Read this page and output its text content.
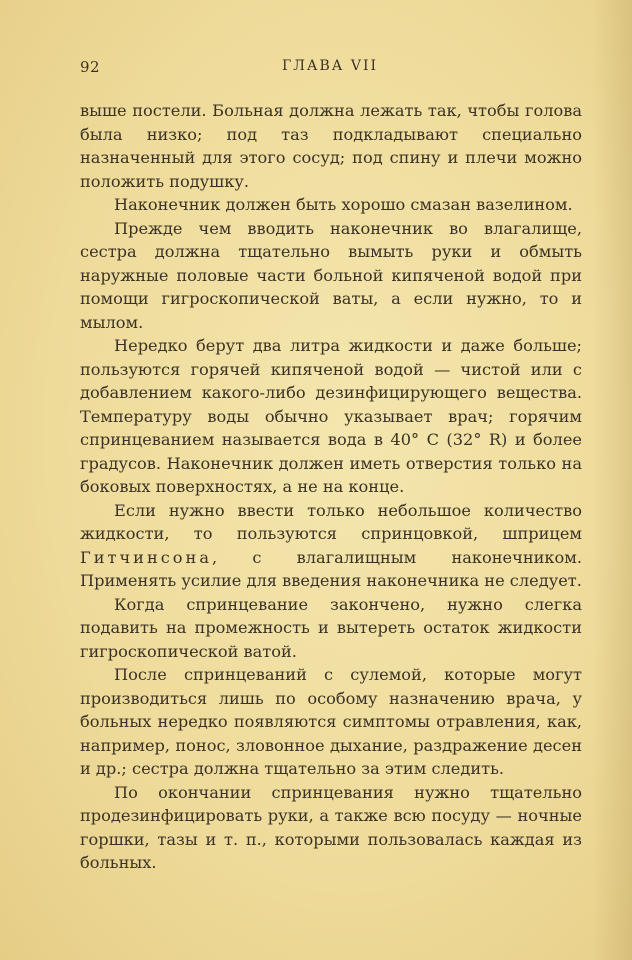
92	ГЛАВА VII

выше постели. Больная должна лежать так, чтобы голова была низко; под таз подкладывают специально назначенный для этого сосуд; под спину и плечи можно положить подушку.

Наконечник должен быть хорошо смазан вазелином.

Прежде чем вводить наконечник во влагалище, сестра должна тщательно вымыть руки и обмыть наружные половые части больной кипяченой водой при помощи гигроскопической ваты, а если нужно, то и мылом.

Нередко берут два литра жидкости и даже больше; пользуются горячей кипяченой водой — чистой или с добавлением какого-либо дезинфицирующего вещества. Температуру воды обычно указывает врач; горячим спринцеванием называется вода в 40° С (32° R) и более градусов. Наконечник должен иметь отверстия только на боковых поверхностях, а не на конце.

Если нужно ввести только небольшое количество жидкости, то пользуются спринцовкой, шприцем Гитчинсона, с влагалищным наконечником. Применять усилие для введения наконечника не следует.

Когда спринцевание закончено, нужно слегка подавить на промежность и вытереть остаток жидкости гигроскопической ватой.

После спринцеваний с сулемой, которые могут производиться лишь по особому назначению врача, у больных нередко появляются симптомы отравления, как, например, понос, зловонное дыхание, раздражение десен и др.; сестра должна тщательно за этим следить.

По окончании спринцевания нужно тщательно продезинфицировать руки, а также всю посуду — ночные горшки, тазы и т. п., которыми пользовалась каждая из больных.
